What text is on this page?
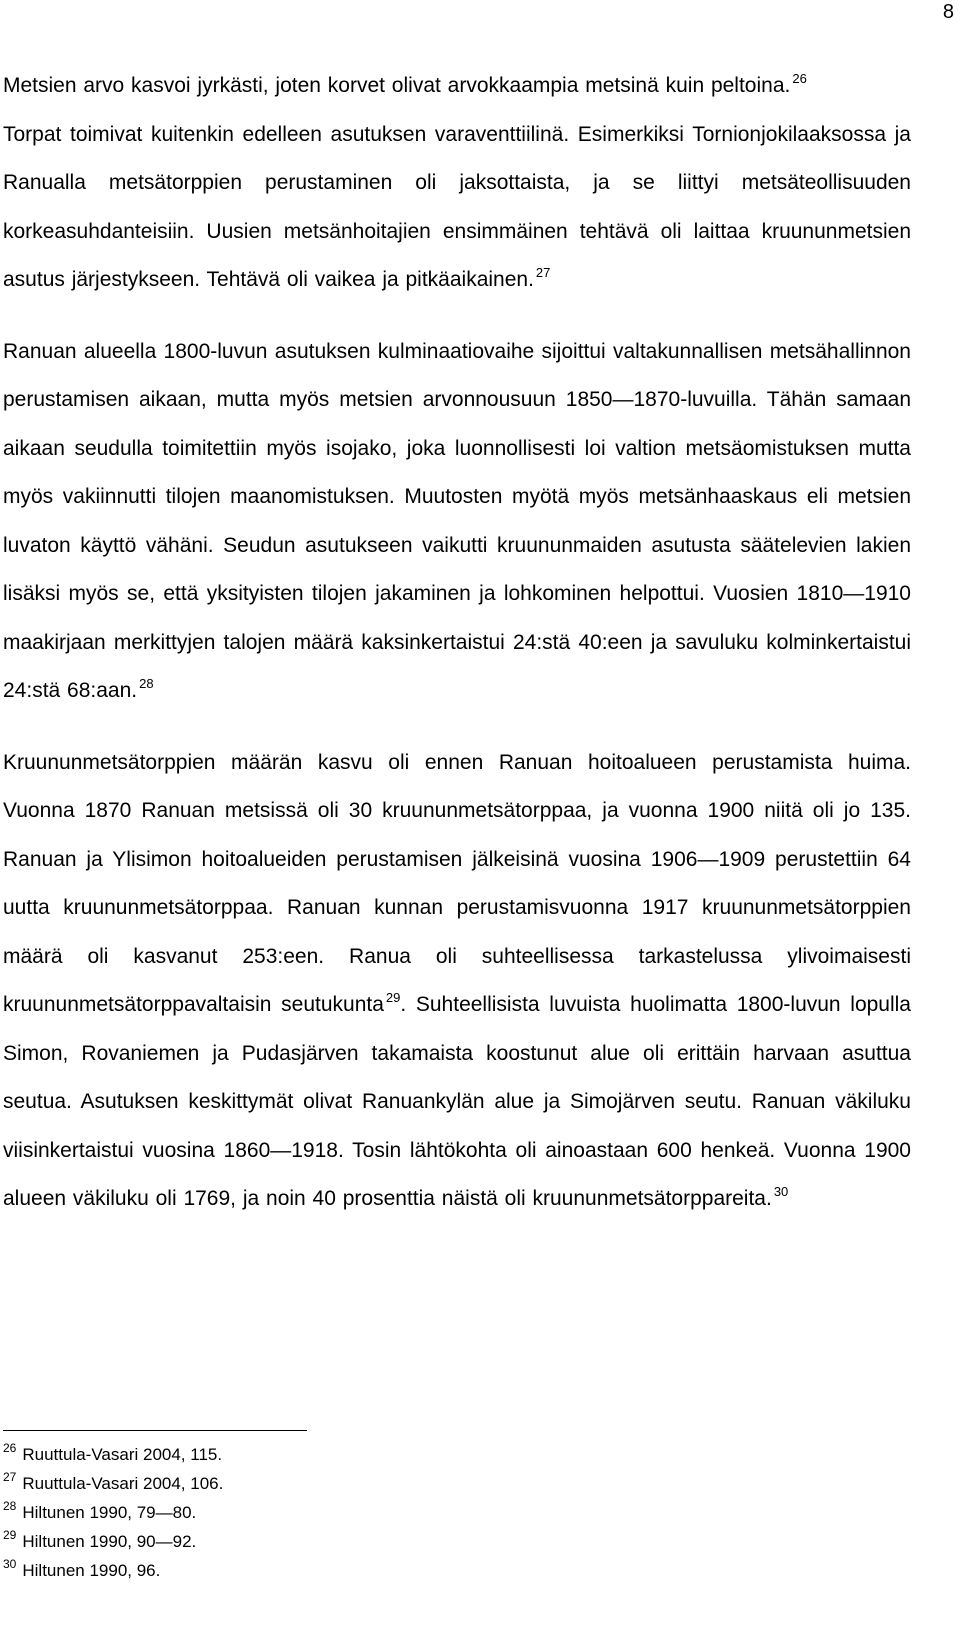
8

Metsien arvo kasvoi jyrkästi, joten korvet olivat arvokkaampia metsinä kuin peltoina. $^{26}$
Torpat toimivat kuitenkin edelleen asutuksen varaventtiilinä. Esimerkiksi Tornionjokilaaksossa ja Ranualla metsätorppien perustaminen oli jaksottaista, ja se liittyi metsäteollisuuden korkeasuhdanteisiin. Uusien metsänhoitajien ensimmäinen tehtävä oli laittaa kruununmetsien asutus järjestykseen. Tehtävä oli vaikea ja pitkäaikainen. $^{27}$

Ranuan alueella 1800-luvun asutuksen kulminaatiovaihe sijoittui valtakunnallisen metsähallinnon perustamisen aikaan, mutta myös metsien arvonnousuun 1850—1870-luvuilla. Tähän samaan aikaan seudulla toimitettiin myös isojako, joka luonnollisesti loi valtion metsäomistuksen mutta myös vakiinnutti tilojen maanomistuksen. Muutosten myötä myös metsänhaaskaus eli metsien luvaton käyttö vähäni. Seudun asutukseen vaikutti kruununmaiden asutusta säätelevien lakien lisäksi myös se, että yksityisten tilojen jakaminen ja lohkominen helpottui. Vuosien 1810—1910 maakirjaan merkittyjen talojen määrä kaksinkertaistui 24:stä 40:een ja savuluku kolminkertaistui 24:stä 68:aan. $^{28}$

Kruununmetsätorppien määrän kasvu oli ennen Ranuan hoitoalueen perustamista huima. Vuonna 1870 Ranuan metsissä oli 30 kruununmetsätorppaa, ja vuonna 1900 niitä oli jo 135. Ranuan ja Ylisimon hoitoalueiden perustamisen jälkeisinä vuosina 1906—1909 perustettiin 64 uutta kruununmetsätorppaa. Ranuan kunnan perustamisvuonna 1917 kruununmetsätorppien määrä oli kasvanut 253:een. Ranua oli suhteellisessa tarkastelussa ylivoimaisesti kruununmetsätorppavaltaisin seutukunta $^{29}$. Suhteellisista luvuista huolimatta 1800-luvun lopulla Simon, Rovaniemen ja Pudasjärven takamaista koostunut alue oli erittäin harvaan asuttua seutua. Asutuksen keskittymät olivat Ranuankylän alue ja Simojärven seutu. Ranuan väkiluku viisinkertaistui vuosina 1860—1918. Tosin lähtökohta oli ainoastaan 600 henkeä. Vuonna 1900 alueen väkiluku oli 1769, ja noin 40 prosenttia näistä oli kruununmetsätorppareita. $^{30}$

$^{26}$ Ruuttula-Vasari 2004, 115.
$^{27}$ Ruuttula-Vasari 2004, 106.
$^{28}$ Hiltunen 1990, 79—80.
$^{29}$ Hiltunen 1990, 90—92.
$^{30}$ Hiltunen 1990, 96.
